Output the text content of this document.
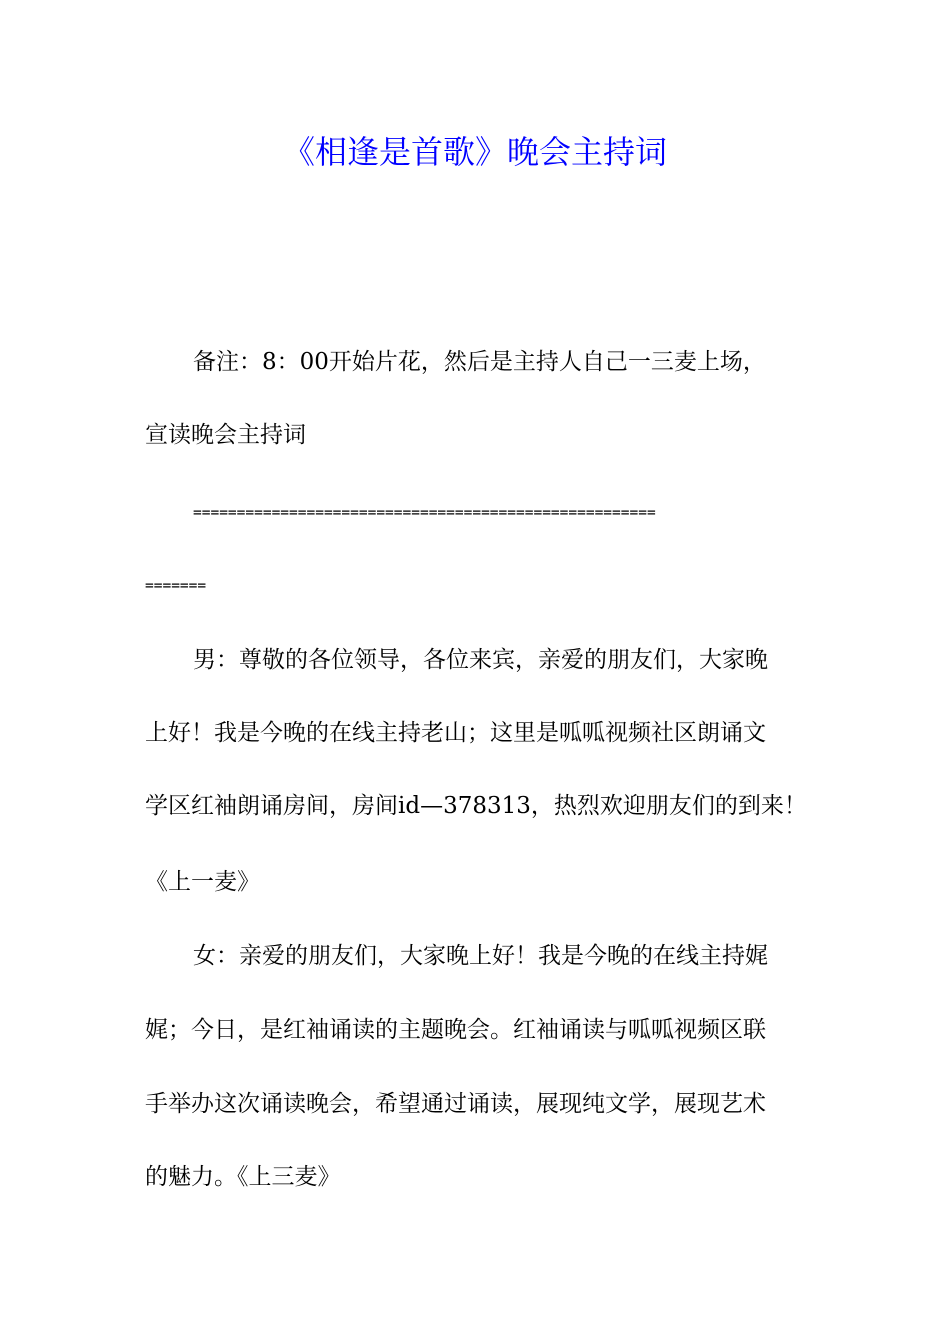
《相逢是首歌》晚会主持词
备注：8：00开始片花，然后是主持人自己一三麦上场，
宣读晚会主持词
=====================================================
=======
男：尊敬的各位领导，各位来宾，亲爱的朋友们，大家晚
上好！我是今晚的在线主持老山；这里是呱呱视频社区朗诵文
学区红袖朗诵房间，房间id—378313，热烈欢迎朋友们的到来！
《上一麦》
女：亲爱的朋友们，大家晚上好！我是今晚的在线主持娓
娓；今日，是红袖诵读的主题晚会。红袖诵读与呱呱视频区联
手举办这次诵读晚会，希望通过诵读，展现纯文学，展现艺术
的魅力。《上三麦》
